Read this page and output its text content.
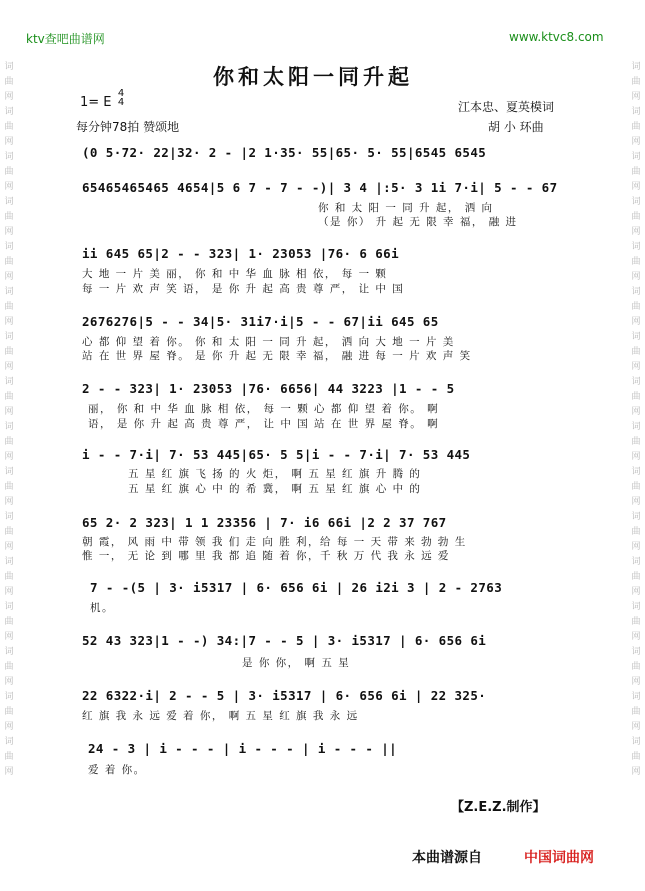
词
曲
网
词
曲
网
词
曲
网
词
曲
网
词
曲
网
词
曲
网
词
曲
网
词
曲
网
词
曲
网
词
曲
网
词
曲
网
词
曲
网
词
曲
网
词
曲
网
词
曲
网
词
曲
网
词
曲
网
词
曲
网
词
曲
网
词
曲
网
词
曲
网
词
曲
网
词
曲
网
词
曲
网
词
曲
网
词
曲
网
词
曲
网
词
曲
网
词
曲
网
词
曲
网
词
曲
网
词
曲
网
ktv查吧曲谱网	www.ktvc8.com
你和太阳一同升起
1= E
4
4
每分钟78拍 赞颂地
江本忠、夏英模词
胡 小 环曲
(0 5·72· 22|32· 2 - |2 1·35· 55|65· 5· 55|6545 6545
65465465465 4654|5 6 7 - 7 - -)| 3 4 |:5· 3 1i 7·i| 5 - - 67
你 和 太 阳 一 同 升 起， 洒 向
（是 你） 升 起 无 限 幸 福， 融 进
ii 645 65|2 - - 323| 1· 23053 |76· 6 66i
大 地 一 片 美 丽， 你 和 中 华 血 脉 相 依， 每 一 颗
每 一 片 欢 声 笑 语， 是 你 升 起 高 贵 尊 严， 让 中 国
2676276|5 - - 34|5· 31i7·i|5 - - 67|ii 645 65
心 都 仰 望 着 你。 你 和 太 阳 一 同 升 起， 洒 向 大 地 一 片 美
站 在 世 界 屋 脊。 是 你 升 起 无 限 幸 福， 融 进 每 一 片 欢 声 笑
2 - - 323| 1· 23053 |76· 6656| 44 3223 |1 - - 5
丽， 你 和 中 华 血 脉 相 依， 每 一 颗 心 都 仰 望 着 你。 啊
语， 是 你 升 起 高 贵 尊 严， 让 中 国 站 在 世 界 屋 脊。 啊
i - - 7·i| 7· 53 445|65· 5 5|i - - 7·i| 7· 53 445
五 星 红 旗 飞 扬 的 火 炬， 啊 五 星 红 旗 升 腾 的
五 星 红 旗 心 中 的 希 冀， 啊 五 星 红 旗 心 中 的
65 2· 2 323| 1 1 23356 | 7· i6 66i |2 2 37 767
朝 霞， 风 雨 中 带 领 我 们 走 向 胜 利，给 每 一 天 带 来 勃 勃 生
惟 一， 无 论 到 哪 里 我 都 追 随 着 你，千 秋 万 代 我 永 远 爱
7 - -(5 | 3· i5317 | 6· 656 6i | 26 i2i 3 | 2 - 2763
机。
52 43 323|1 - -) 34:|7 - - 5 | 3· i5317 | 6· 656 6i
是 你 你， 啊 五 星
22 6322·i| 2 - - 5 | 3· i5317 | 6· 656 6i | 22 325·
红 旗 我 永 远 爱 着 你， 啊 五 星 红 旗 我 永 远
24 - 3 | i - - - | i - - - | i - - - ||
爱 着 你。
【Z.E.Z.制作】
本曲谱源自	中国词曲网
